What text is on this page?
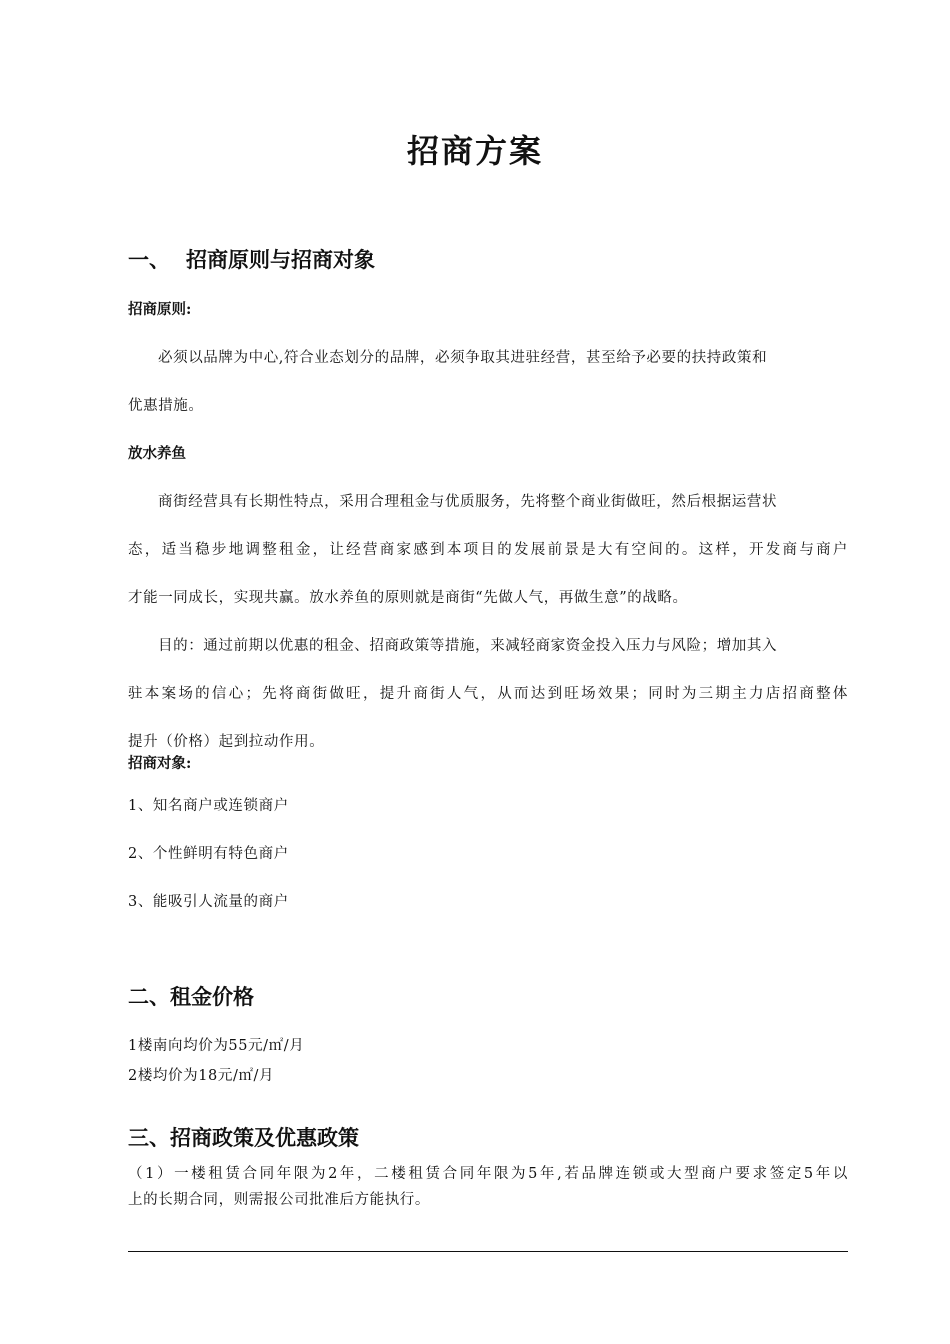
招商方案
一、 招商原则与招商对象
招商原则:
必须以品牌为中心,符合业态划分的品牌，必须争取其进驻经营，甚至给予必要的扶持政策和
优惠措施。
放水养鱼
商街经营具有长期性特点，采用合理租金与优质服务，先将整个商业街做旺，然后根据运营状
态，适当稳步地调整租金，让经营商家感到本项目的发展前景是大有空间的。这样，开发商与商户
才能一同成长，实现共赢。放水养鱼的原则就是商街“先做人气，再做生意”的战略。
目的：通过前期以优惠的租金、招商政策等措施，来减轻商家资金投入压力与风险；增加其入
驻本案场的信心；先将商街做旺，提升商街人气，从而达到旺场效果；同时为三期主力店招商整体
提升（价格）起到拉动作用。
招商对象:
1、知名商户或连锁商户
2、个性鲜明有特色商户
3、能吸引人流量的商户
二、租金价格
1楼南向均价为55元/㎡/月
2楼均价为18元/㎡/月
三、招商政策及优惠政策
（1）一楼租赁合同年限为2年，二楼租赁合同年限为5年,若品牌连锁或大型商户要求签定5年以
上的长期合同，则需报公司批准后方能执行。
